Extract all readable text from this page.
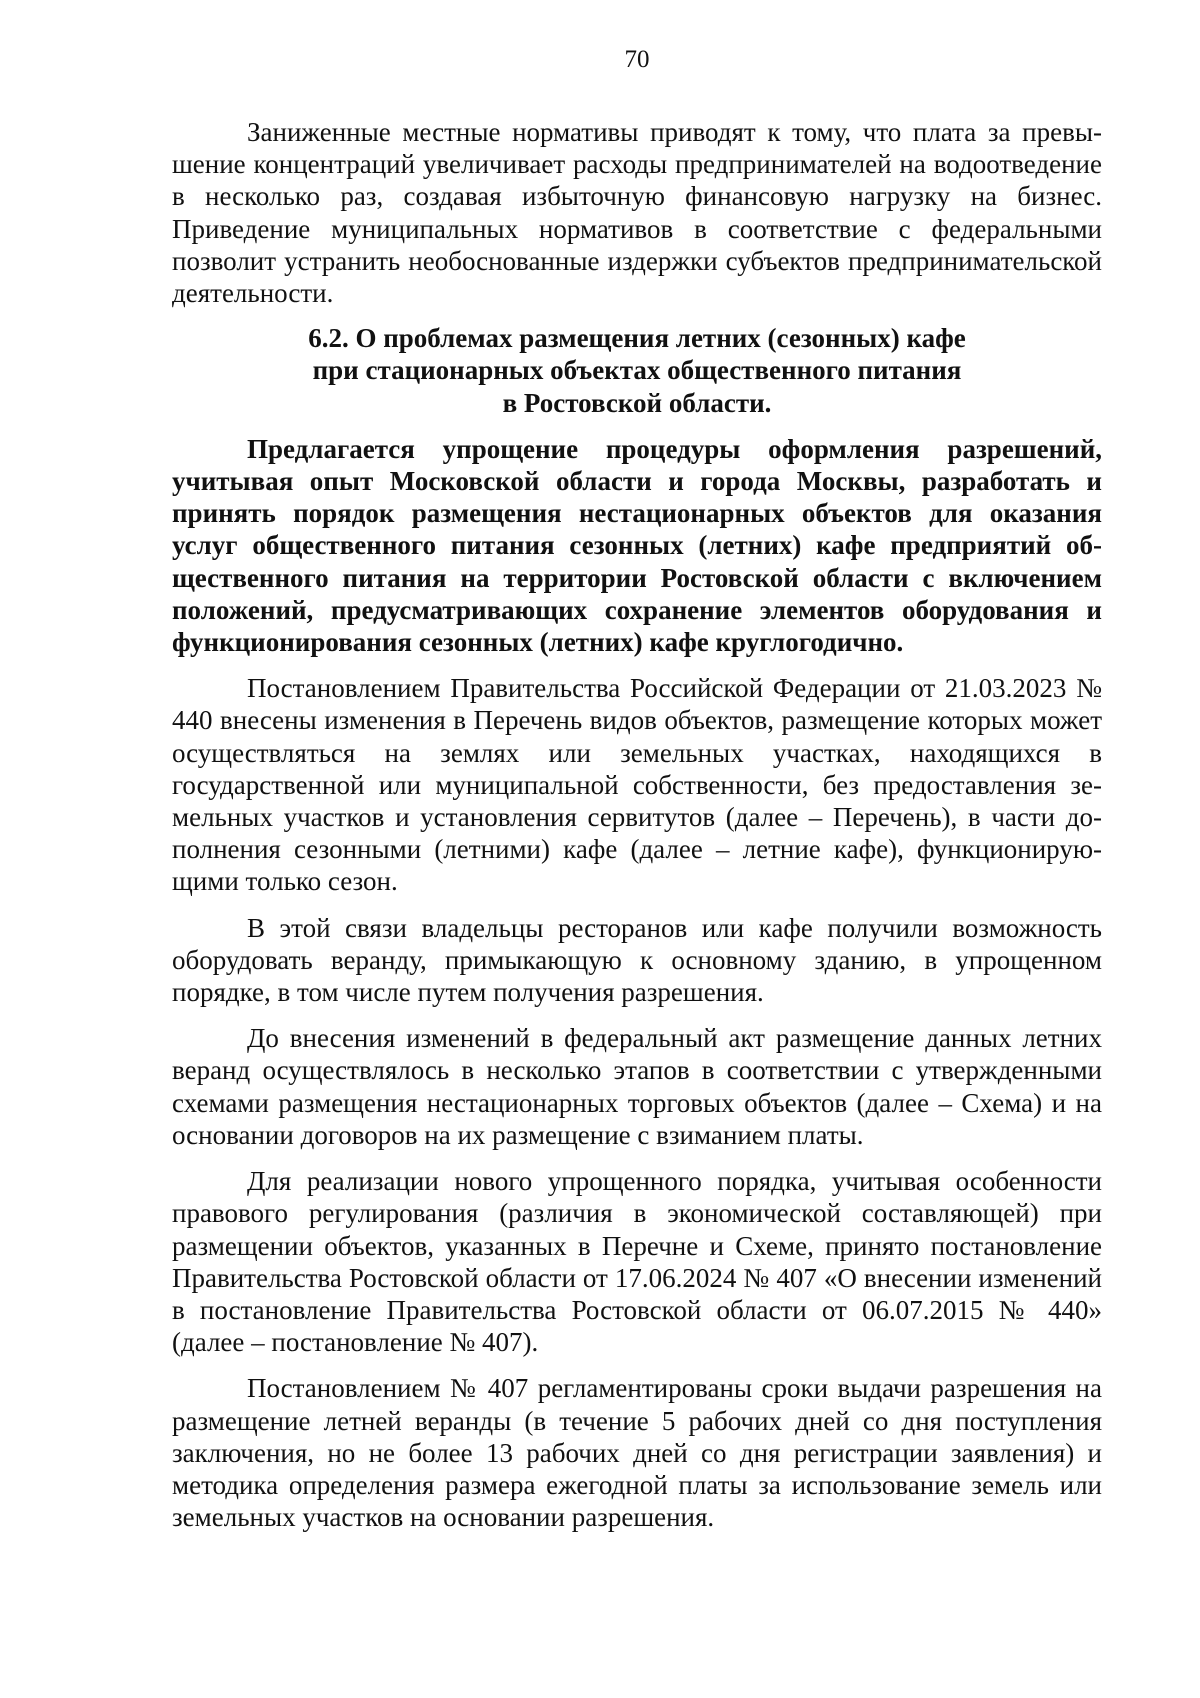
70

Заниженные местные нормативы приводят к тому, что плата за превышение концентраций увеличивает расходы предпринимателей на водоотведение в несколько раз, создавая избыточную финансовую нагрузку на бизнес. Приведение муниципальных нормативов в соответствие с федеральными позволит устранить необоснованные издержки субъектов предпринимательской деятельности.

6.2. О проблемах размещения летних (сезонных) кафе
при стационарных объектах общественного питания
в Ростовской области.

Предлагается упрощение процедуры оформления разрешений, учитывая опыт Московской области и города Москвы, разработать и принять порядок размещения нестационарных объектов для оказания услуг общественного питания сезонных (летних) кафе предприятий общественного питания на территории Ростовской области с включением положений, предусматривающих сохранение элементов оборудования и функционирования сезонных (летних) кафе круглогодично.

Постановлением Правительства Российской Федерации от 21.03.2023 № 440 внесены изменения в Перечень видов объектов, размещение которых может осуществляться на землях или земельных участках, находящихся в государственной или муниципальной собственности, без предоставления земельных участков и установления сервитутов (далее – Перечень), в части дополнения сезонными (летними) кафе (далее – летние кафе), функционирующими только сезон.

В этой связи владельцы ресторанов или кафе получили возможность оборудовать веранду, примыкающую к основному зданию, в упрощенном порядке, в том числе путем получения разрешения.

До внесения изменений в федеральный акт размещение данных летних веранд осуществлялось в несколько этапов в соответствии с утвержденными схемами размещения нестационарных торговых объектов (далее – Схема) и на основании договоров на их размещение с взиманием платы.

Для реализации нового упрощенного порядка, учитывая особенности правового регулирования (различия в экономической составляющей) при размещении объектов, указанных в Перечне и Схеме, принято постановление Правительства Ростовской области от 17.06.2024 № 407 «О внесении изменений в постановление Правительства Ростовской области от 06.07.2015 № 440» (далее – постановление № 407).

Постановлением № 407 регламентированы сроки выдачи разрешения на размещение летней веранды (в течение 5 рабочих дней со дня поступления заключения, но не более 13 рабочих дней со дня регистрации заявления) и методика определения размера ежегодной платы за использование земель или земельных участков на основании разрешения.
